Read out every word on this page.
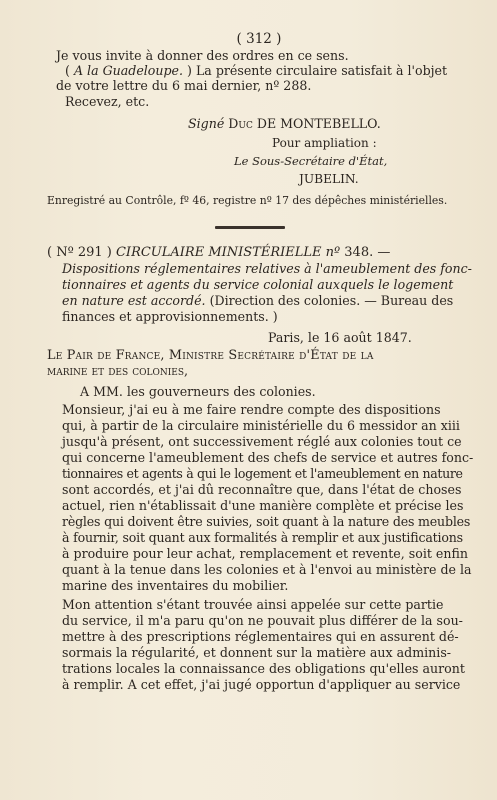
( 312 )
Je vous invite à donner des ordres en ce sens.
( A la Guadeloupe. ) La présente circulaire satisfait à l'objet
de votre lettre du 6 mai dernier, nº 288.
Recevez, etc.
Signé Duc DE MONTEBELLO.
Pour ampliation :
Le Sous-Secrétaire d'État,
JUBELIN.
Enregistré au Contrôle, fº 46, registre nº 17 des dépêches ministérielles.
( Nº 291 ) CIRCULAIRE MINISTÉRIELLE nº 348. —
Dispositions réglementaires relatives à l'ameublement des fonc-
tionnaires et agents du service colonial auxquels le logement
en nature est accordé. (Direction des colonies. — Bureau des
finances et approvisionnements. )
Paris, le 16 août 1847.
Le Pair de France, Ministre Secrétaire d'État de la
marine et des colonies,
A MM. les gouverneurs des colonies.
Monsieur, j'ai eu à me faire rendre compte des dispositions
qui, à partir de la circulaire ministérielle du 6 messidor an xiii
jusqu'à présent, ont successivement réglé aux colonies tout ce
qui concerne l'ameublement des chefs de service et autres fonc-
tionnaires et agents à qui le logement et l'ameublement en nature
sont accordés, et j'ai dû reconnaître que, dans l'état de choses
actuel, rien n'établissait d'une manière complète et précise les
règles qui doivent être suivies, soit quant à la nature des meubles
à fournir, soit quant aux formalités à remplir et aux justifications
à produire pour leur achat, remplacement et revente, soit enfin
quant à la tenue dans les colonies et à l'envoi au ministère de la
marine des inventaires du mobilier.
Mon attention s'étant trouvée ainsi appelée sur cette partie
du service, il m'a paru qu'on ne pouvait plus différer de la sou-
mettre à des prescriptions réglementaires qui en assurent dé-
sormais la régularité, et donnent sur la matière aux adminis-
trations locales la connaissance des obligations qu'elles auront
à remplir. A cet effet, j'ai jugé opportun d'appliquer au service
